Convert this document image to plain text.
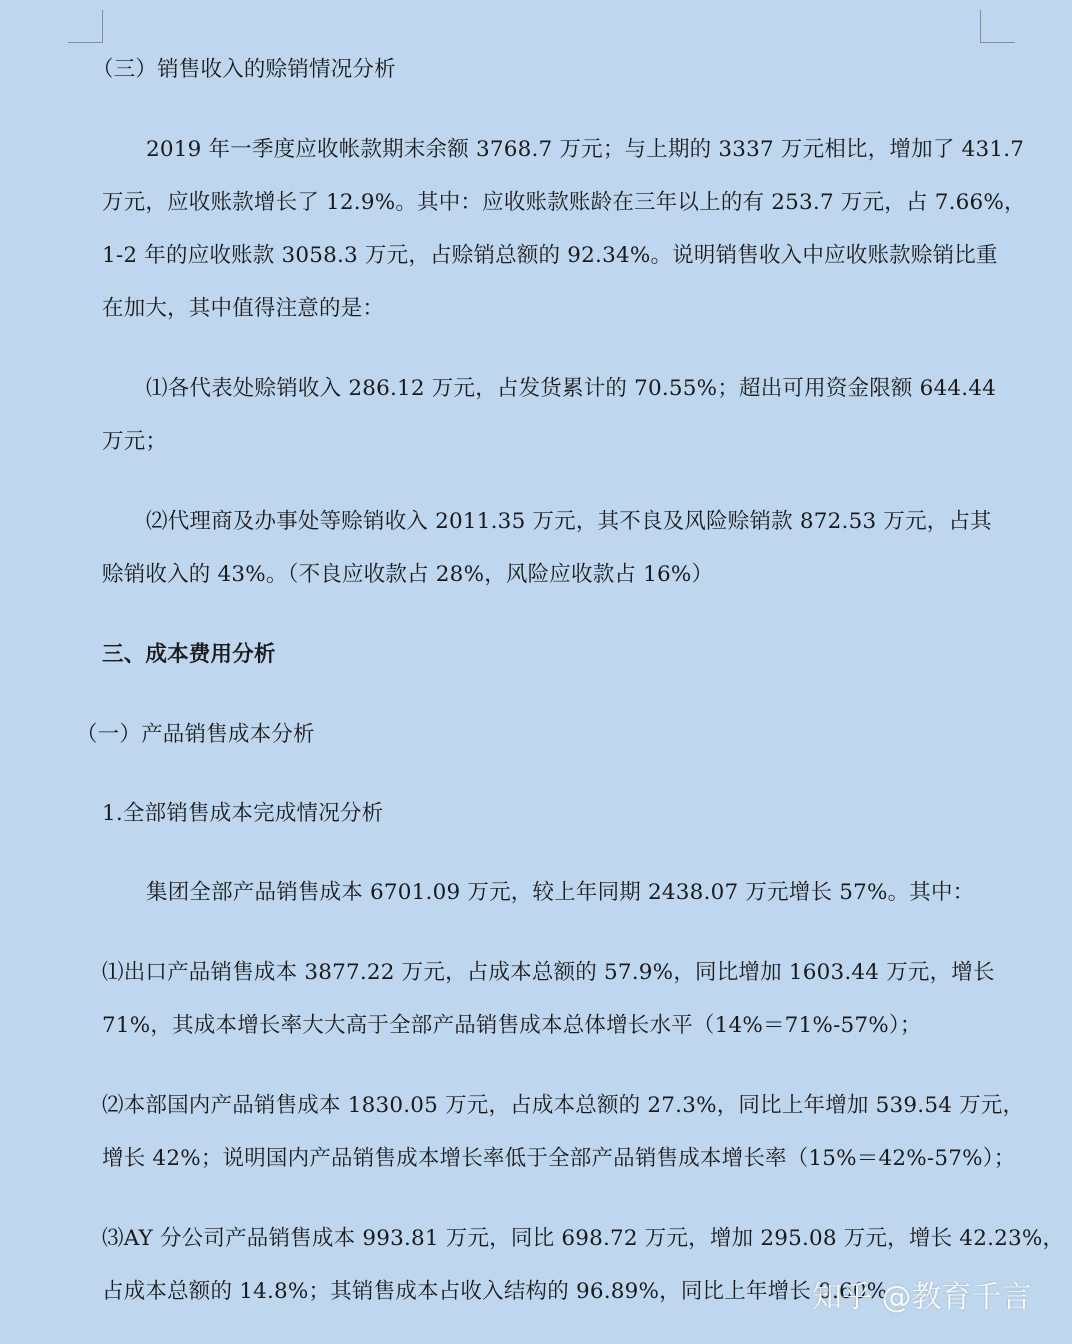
（三）销售收入的赊销情况分析
2019 年一季度应收帐款期末余额 3768.7 万元；与上期的 3337 万元相比，增加了 431.7
万元，应收账款增长了 12.9%。其中：应收账款账龄在三年以上的有 253.7 万元，占 7.66%，
1-2 年的应收账款 3058.3 万元，占赊销总额的 92.34%。说明销售收入中应收账款赊销比重
在加大，其中值得注意的是：
⑴各代表处赊销收入 286.12 万元，占发货累计的 70.55%；超出可用资金限额 644.44
万元；
⑵代理商及办事处等赊销收入 2011.35 万元，其不良及风险赊销款 872.53 万元，占其
赊销收入的 43%。（不良应收款占 28%，风险应收款占 16%）
三、成本费用分析
（一）产品销售成本分析
1.全部销售成本完成情况分析
集团全部产品销售成本 6701.09 万元，较上年同期 2438.07 万元增长 57%。其中：
⑴出口产品销售成本 3877.22 万元，占成本总额的 57.9%，同比增加 1603.44 万元，增长
71%，其成本增长率大大高于全部产品销售成本总体增长水平（14%＝71%-57%）；
⑵本部国内产品销售成本 1830.05 万元，占成本总额的 27.3%，同比上年增加 539.54 万元，
增长 42%；说明国内产品销售成本增长率低于全部产品销售成本增长率（15%＝42%-57%）；
⑶AY 分公司产品销售成本 993.81 万元，同比 698.72 万元，增加 295.08 万元，增长 42.23%，
占成本总额的 14.8%；其销售成本占收入结构的 96.89%，同比上年增长 0.60%
知乎 @教育千言
